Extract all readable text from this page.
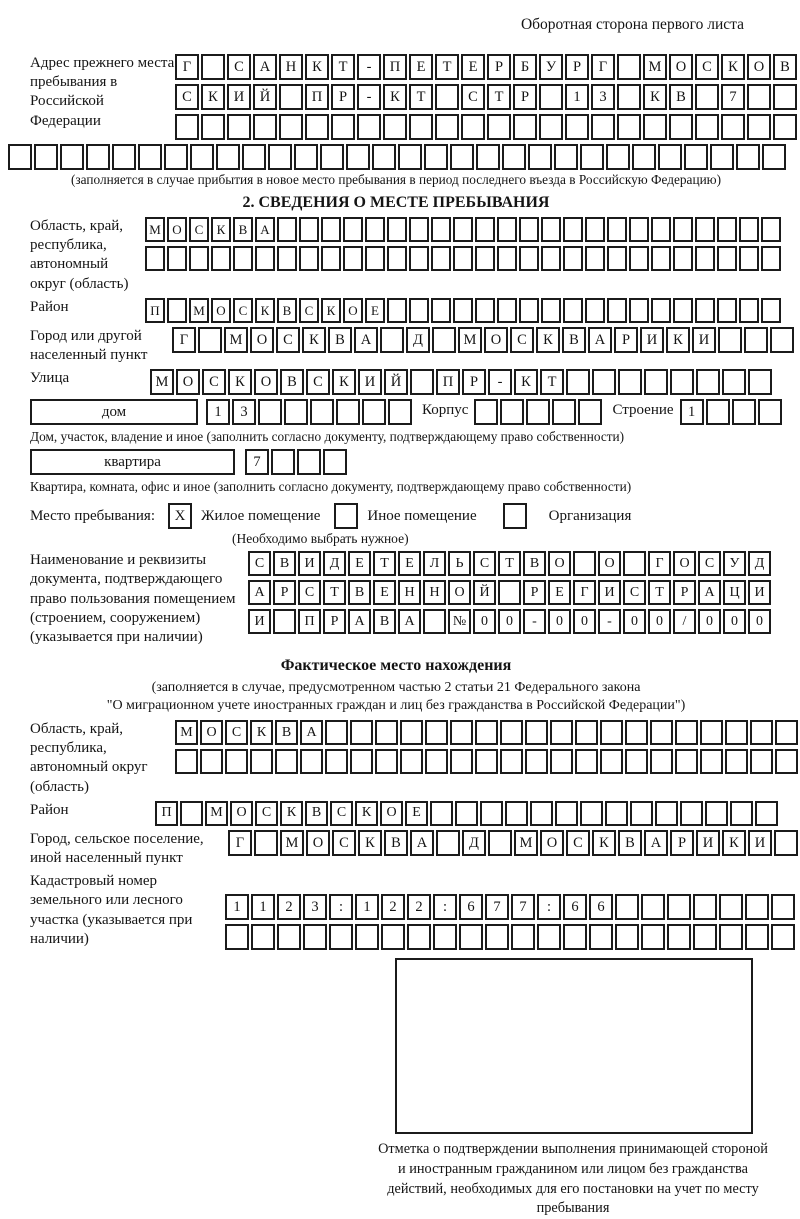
Оборотная сторона первого листа
Адрес прежнего места пребывания в Российской Федерации
Г	С	А	Н	К	Т	-	П	Е	Т	Е	Р	Б	У	Р	Г	М О	С	К	О	В
С	К	И	Й	П	Р	-	К	Т	С	Т	Р	1	3	К	В	7
(заполняется в случае прибытия в новое место пребывания в период последнего въезда в Российскую Федерацию)
2. СВЕДЕНИЯ О МЕСТЕ ПРЕБЫВАНИЯ
Область, край, республика, автономный округ (область)
М О С	К	В А
Район	П	М О С	К	В	С	К О	Е
Город или другой населенный пункт
Г	М О	С	К	В	А	Д	М О	С	К	В	А	Р	И	К	И
Улица	М О	С	К	О	В	С	К	И	Й	П	Р	-	К	Т
дом	1	3	Корпус	Строение 1
Дом, участок, владение и иное (заполнить согласно документу, подтверждающему право собственности)
квартира	7
Квартира, комната, офис и иное (заполнить согласно документу, подтверждающему право собственности)
Место пребывания:	X	Жилое помещение	Иное помещение	Организация
(Необходимо выбрать нужное)
Наименование и реквизиты документа, подтверждающего право пользования помещением (строением, сооружением) (указывается при наличии)
С	В	И	Д	Е	Т	Е	Л	Ь	С	Т	В	О	О	Г	О	С	У	Д
А	Р	С	Т	В	Е	Н	Н	О	Й	Р	Е	Г	И	С	Т	Р	А	Ц	И
И	П	Р	А	В	А	№	0	0	-	0	0	-	0	0	/	0	0	0
Фактическое место нахождения
(заполняется в случае, предусмотренном частью 2 статьи 21 Федерального закона
"О миграционном учете иностранных граждан и лиц без гражданства в Российской Федерации")
Область, край, республика, автономный округ (область)
М О	С	К	В	А
Район	П	М О	С	К	В	С	К	О	Е
Город, сельское поселение, иной населенный пункт
Г	М О	С	К	В	А	Д	М О	С	К	В	А	Р	И	К	И
Кадастровый номер земельного или лесного участка (указывается при наличии)
1	1	2	3	:	1	2	2	:	6	7	7	:	6	6
Отметка о подтверждении выполнения принимающей стороной и иностранным гражданином или лицом без гражданства действий, необходимых для его постановки на учет по месту пребывания
